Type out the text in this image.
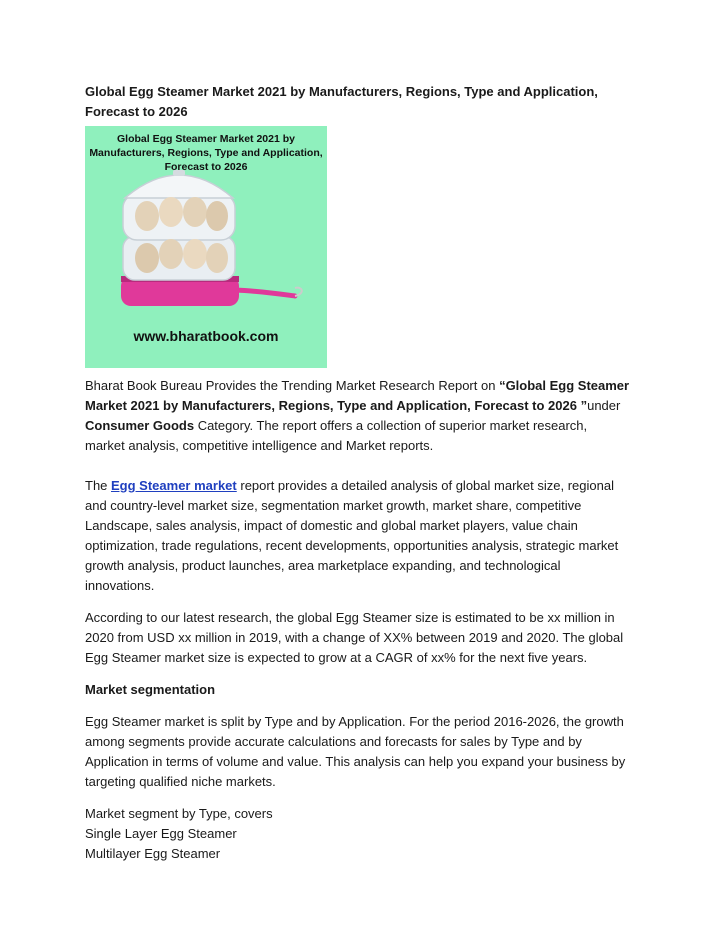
Global Egg Steamer Market 2021 by Manufacturers, Regions, Type and Application, Forecast to 2026
Global Egg Steamer Market 2021 by
Manufacturers, Regions, Type and Application,
Forecast to 2026
www.bharatbook.com

Bharat Book Bureau Provides the Trending Market Research Report on “Global Egg Steamer Market 2021 by Manufacturers, Regions, Type and Application, Forecast to 2026 ”under Consumer Goods Category. The report offers a collection of superior market research, market analysis, competitive intelligence and Market reports.

The Egg Steamer market report provides a detailed analysis of global market size, regional and country-level market size, segmentation market growth, market share, competitive Landscape, sales analysis, impact of domestic and global market players, value chain optimization, trade regulations, recent developments, opportunities analysis, strategic market growth analysis, product launches, area marketplace expanding, and technological innovations.

According to our latest research, the global Egg Steamer size is estimated to be xx million in 2020 from USD xx million in 2019, with a change of XX% between 2019 and 2020. The global Egg Steamer market size is expected to grow at a CAGR of xx% for the next five years.

Market segmentation

Egg Steamer market is split by Type and by Application. For the period 2016-2026, the growth among segments provide accurate calculations and forecasts for sales by Type and by Application in terms of volume and value. This analysis can help you expand your business by targeting qualified niche markets.

Market segment by Type, covers

Single Layer Egg Steamer

Multilayer Egg Steamer
